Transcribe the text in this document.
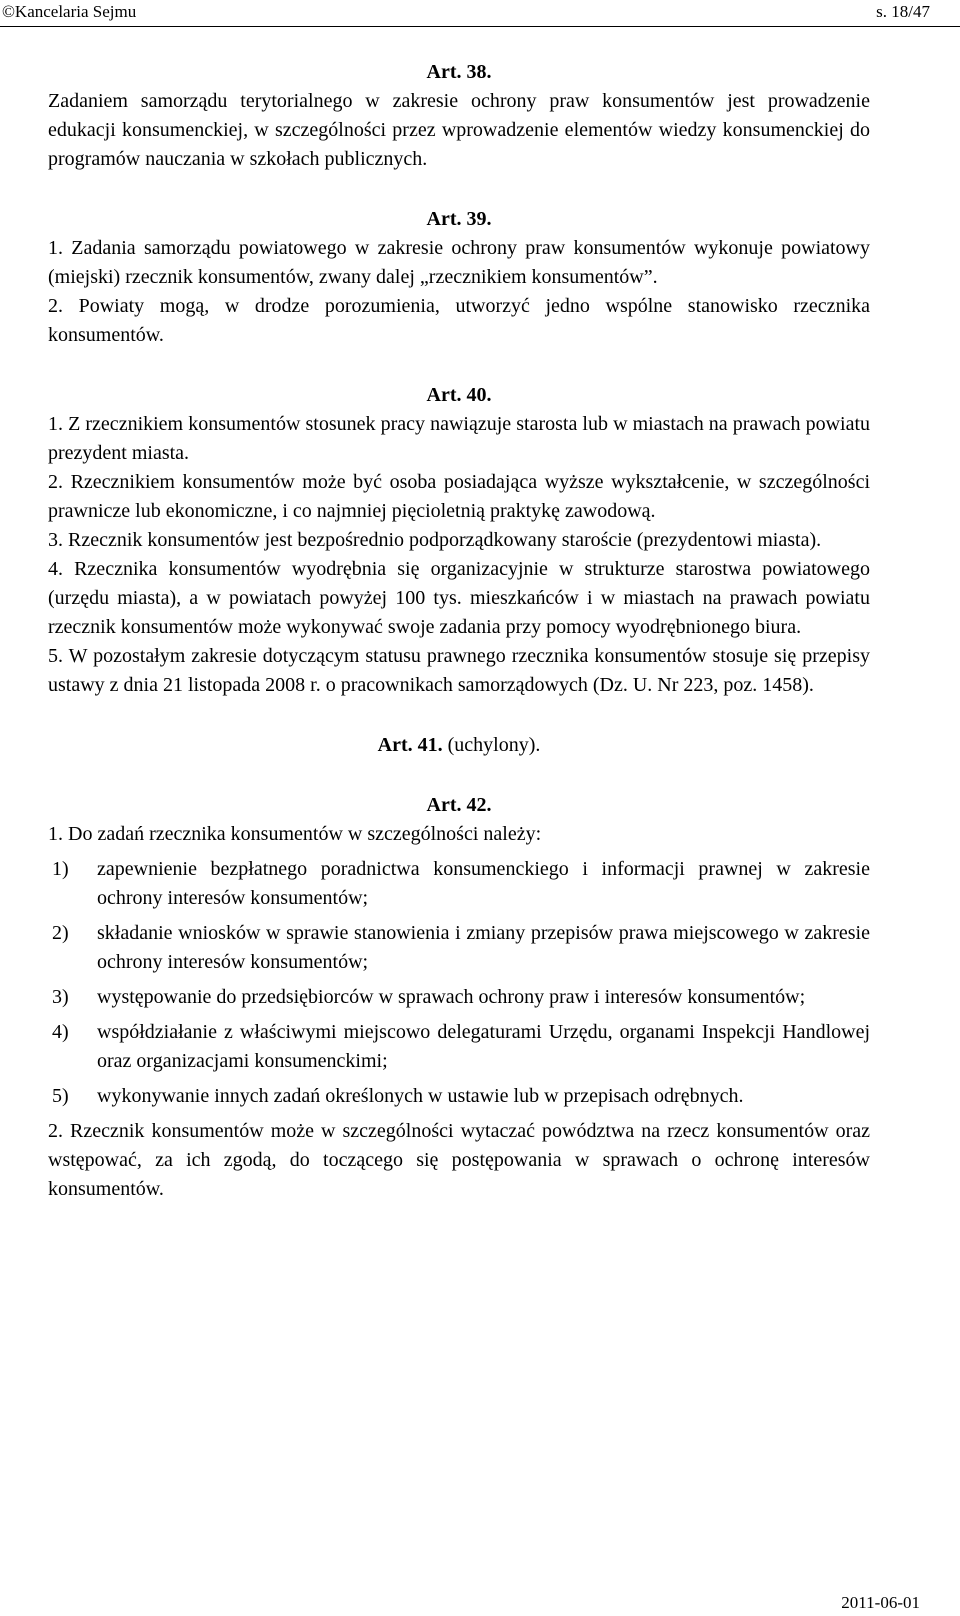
©Kancelaria Sejmu	s. 18/47

Art. 38.

Zadaniem samorządu terytorialnego w zakresie ochrony praw konsumentów jest prowadzenie edukacji konsumenckiej, w szczególności przez wprowadzenie elementów wiedzy konsumenckiej do programów nauczania w szkołach publicznych.

Art. 39.

1. Zadania samorządu powiatowego w zakresie ochrony praw konsumentów wykonuje powiatowy (miejski) rzecznik konsumentów, zwany dalej „rzecznikiem konsumentów”.

2. Powiaty mogą, w drodze porozumienia, utworzyć jedno wspólne stanowisko rzecznika konsumentów.

Art. 40.

1. Z rzecznikiem konsumentów stosunek pracy nawiązuje starosta lub w miastach na prawach powiatu prezydent miasta.

2. Rzecznikiem konsumentów może być osoba posiadająca wyższe wykształcenie, w szczególności prawnicze lub ekonomiczne, i co najmniej pięcioletnią praktykę zawodową.

3. Rzecznik konsumentów jest bezpośrednio podporządkowany staroście (prezydentowi miasta).

4. Rzecznika konsumentów wyodrębnia się organizacyjnie w strukturze starostwa powiatowego (urzędu miasta), a w powiatach powyżej 100 tys. mieszkańców i w miastach na prawach powiatu rzecznik konsumentów może wykonywać swoje zadania przy pomocy wyodrębnionego biura.

5. W pozostałym zakresie dotyczącym statusu prawnego rzecznika konsumentów stosuje się przepisy ustawy z dnia 21 listopada 2008 r. o pracownikach samorządowych (Dz. U. Nr 223, poz. 1458).

Art. 41. (uchylony).

Art. 42.

1. Do zadań rzecznika konsumentów w szczególności należy:

1)	zapewnienie bezpłatnego poradnictwa konsumenckiego i informacji prawnej w zakresie ochrony interesów konsumentów;
2)	składanie wniosków w sprawie stanowienia i zmiany przepisów prawa miejscowego w zakresie ochrony interesów konsumentów;
3)	występowanie do przedsiębiorców w sprawach ochrony praw i interesów konsumentów;
4)	współdziałanie z właściwymi miejscowo delegaturami Urzędu, organami Inspekcji Handlowej oraz organizacjami konsumenckimi;
5)	wykonywanie innych zadań określonych w ustawie lub w przepisach odrębnych.

2. Rzecznik konsumentów może w szczególności wytaczać powództwa na rzecz konsumentów oraz wstępować, za ich zgodą, do toczącego się postępowania w sprawach o ochronę interesów konsumentów.

2011-06-01
